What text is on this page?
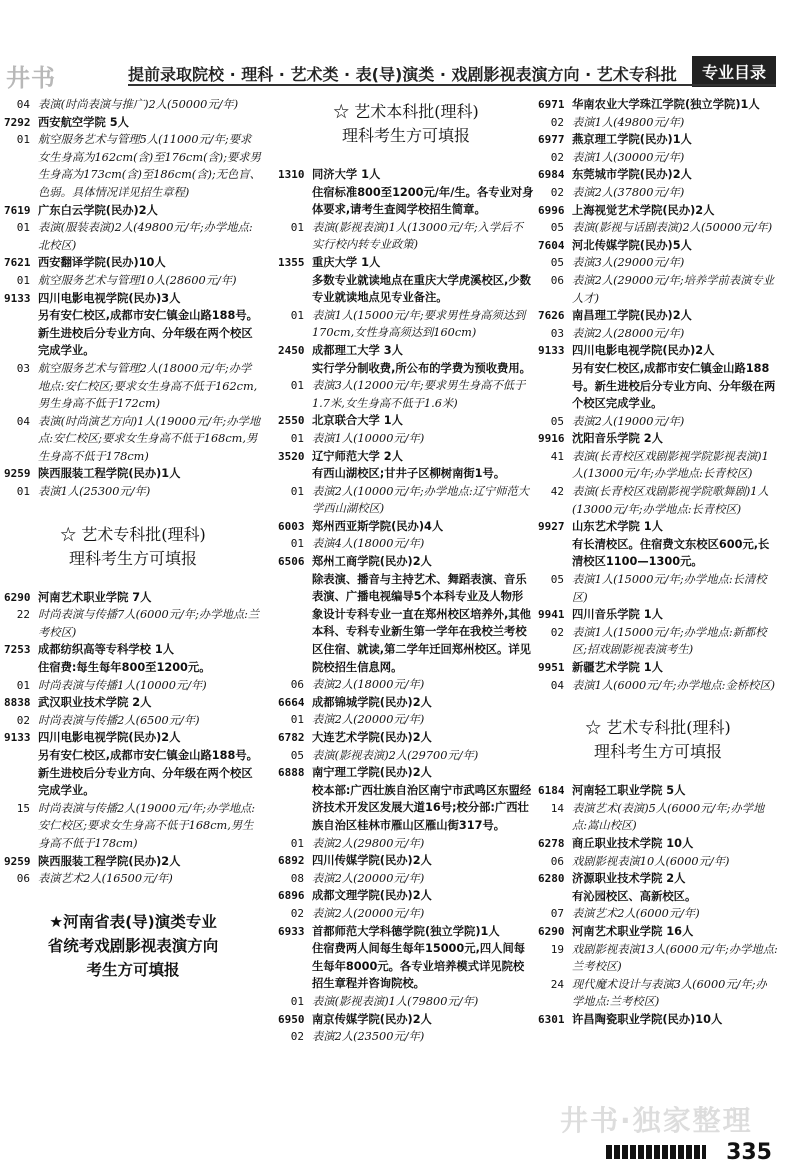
井书	提前录取院校 · 理科 · 艺术类 · 表(导)演类 · 戏剧影视表演方向 · 艺术专科批	专业目录
04 表演(时尚表演与推广)2人(50000元/年)
7292 西安航空学院 5人
01 航空服务艺术与管理5人(11000元/年;要求女生身高为162cm(含)至176cm(含);要求男生身高为173cm(含)至186cm(含);无色盲、色弱。具体情况详见招生章程)
7619 广东白云学院(民办)2人
01 表演(服装表演)2人(49800元/年;办学地点:北校区)
7621 西安翻译学院(民办)10人
01 航空服务艺术与管理10人(28600元/年)
9133 四川电影电视学院(民办)3人
另有安仁校区,成都市安仁镇金山路188号。新生进校后分专业方向、分年级在两个校区完成学业。
03 航空服务艺术与管理2人(18000元/年;办学地点:安仁校区;要求女生身高不低于162cm,男生身高不低于172cm)
04 表演(时尚演艺方向)1人(19000元/年;办学地点:安仁校区;要求女生身高不低于168cm,男生身高不低于178cm)
9259 陕西服装工程学院(民办)1人
01 表演1人(25300元/年)
☆ 艺术专科批(理科)
理科考生方可填报
6290 河南艺术职业学院 7人
22 时尚表演与传播7人(6000元/年;办学地点:兰考校区)
7253 成都纺织高等专科学校 1人
住宿费:每生每年800至1200元。
01 时尚表演与传播1人(10000元/年)
8838 武汉职业技术学院 2人
02 时尚表演与传播2人(6500元/年)
9133 四川电影电视学院(民办)2人
另有安仁校区,成都市安仁镇金山路188号。新生进校后分专业方向、分年级在两个校区完成学业。
15 时尚表演与传播2人(19000元/年;办学地点:安仁校区;要求女生身高不低于168cm,男生身高不低于178cm)
9259 陕西服装工程学院(民办)2人
06 表演艺术2人(16500元/年)
★河南省表(导)演类专业
省统考戏剧影视表演方向
考生方可填报
☆ 艺术本科批(理科)
理科考生方可填报
1310 同济大学 1人
住宿标准800至1200元/年/生。各专业对身体要求,请考生查阅学校招生简章。
01 表演(影视表演)1人(13000元/年;入学后不实行校内转专业政策)
1355 重庆大学 1人
多数专业就读地点在重庆大学虎溪校区,少数专业就读地点见专业备注。
01 表演1人(15000元/年;要求男性身高须达到170cm,女性身高须达到160cm)
2450 成都理工大学 3人
实行学分制收费,所公布的学费为预收费用。
01 表演3人(12000元/年;要求男生身高不低于1.7米,女生身高不低于1.6米)
2550 北京联合大学 1人
01 表演1人(10000元/年)
3520 辽宁师范大学 2人
有西山湖校区;甘井子区柳树南街1号。
01 表演2人(10000元/年;办学地点:辽宁师范大学西山湖校区)
6003 郑州西亚斯学院(民办)4人
01 表演4人(18000元/年)
6506 郑州工商学院(民办)2人
除表演、播音与主持艺术、舞蹈表演、音乐表演、广播电视编导5个本科专业及人物形象设计专科专业一直在郑州校区培养外,其他本科、专科专业新生第一学年在我校兰考校区住宿、就读,第二学年迁回郑州校区。详见院校招生信息网。
06 表演2人(18000元/年)
6664 成都锦城学院(民办)2人
01 表演2人(20000元/年)
6782 大连艺术学院(民办)2人
05 表演(影视表演)2人(29700元/年)
6888 南宁理工学院(民办)2人
校本部:广西壮族自治区南宁市武鸣区东盟经济技术开发区发展大道16号;校分部:广西壮族自治区桂林市雁山区雁山街317号。
01 表演2人(29800元/年)
6892 四川传媒学院(民办)2人
08 表演2人(20000元/年)
6896 成都文理学院(民办)2人
02 表演2人(20000元/年)
6933 首都师范大学科德学院(独立学院)1人
住宿费两人间每生每年15000元,四人间每生每年8000元。各专业培养模式详见院校招生章程并咨询院校。
01 表演(影视表演)1人(79800元/年)
6950 南京传媒学院(民办)2人
02 表演2人(23500元/年)
6971 华南农业大学珠江学院(独立学院)1人
02 表演1人(49800元/年)
6977 燕京理工学院(民办)1人
02 表演1人(30000元/年)
6984 东莞城市学院(民办)2人
02 表演2人(37800元/年)
6996 上海视觉艺术学院(民办)2人
05 表演(影视与话剧表演)2人(50000元/年)
7604 河北传媒学院(民办)5人
05 表演3人(29000元/年)
06 表演2人(29000元/年;培养学前表演专业人才)
7626 南昌理工学院(民办)2人
03 表演2人(28000元/年)
9133 四川电影电视学院(民办)2人
另有安仁校区,成都市安仁镇金山路188号。新生进校后分专业方向、分年级在两个校区完成学业。
05 表演2人(19000元/年)
9916 沈阳音乐学院 2人
41 表演(长青校区戏剧影视学院影视表演)1人(13000元/年;办学地点:长青校区)
42 表演(长青校区戏剧影视学院歌舞剧)1人(13000元/年;办学地点:长青校区)
9927 山东艺术学院 1人
有长清校区。住宿费文东校区600元,长清校区1100—1300元。
05 表演1人(15000元/年;办学地点:长清校区)
9941 四川音乐学院 1人
02 表演1人(15000元/年;办学地点:新都校区;招戏剧影视表演考生)
9951 新疆艺术学院 1人
04 表演1人(6000元/年;办学地点:金桥校区)
☆ 艺术专科批(理科)
理科考生方可填报
6184 河南轻工职业学院 5人
14 表演艺术(表演)5人(6000元/年;办学地点:嵩山校区)
6278 商丘职业技术学院 10人
06 戏剧影视表演10人(6000元/年)
6280 济源职业技术学院 2人
有沁园校区、高新校区。
07 表演艺术2人(6000元/年)
6290 河南艺术职业学院 16人
19 戏剧影视表演13人(6000元/年;办学地点:兰考校区)
24 现代魔术设计与表演3人(6000元/年;办学地点:兰考校区)
6301 许昌陶瓷职业学院(民办)10人
井书·独家整理
335
